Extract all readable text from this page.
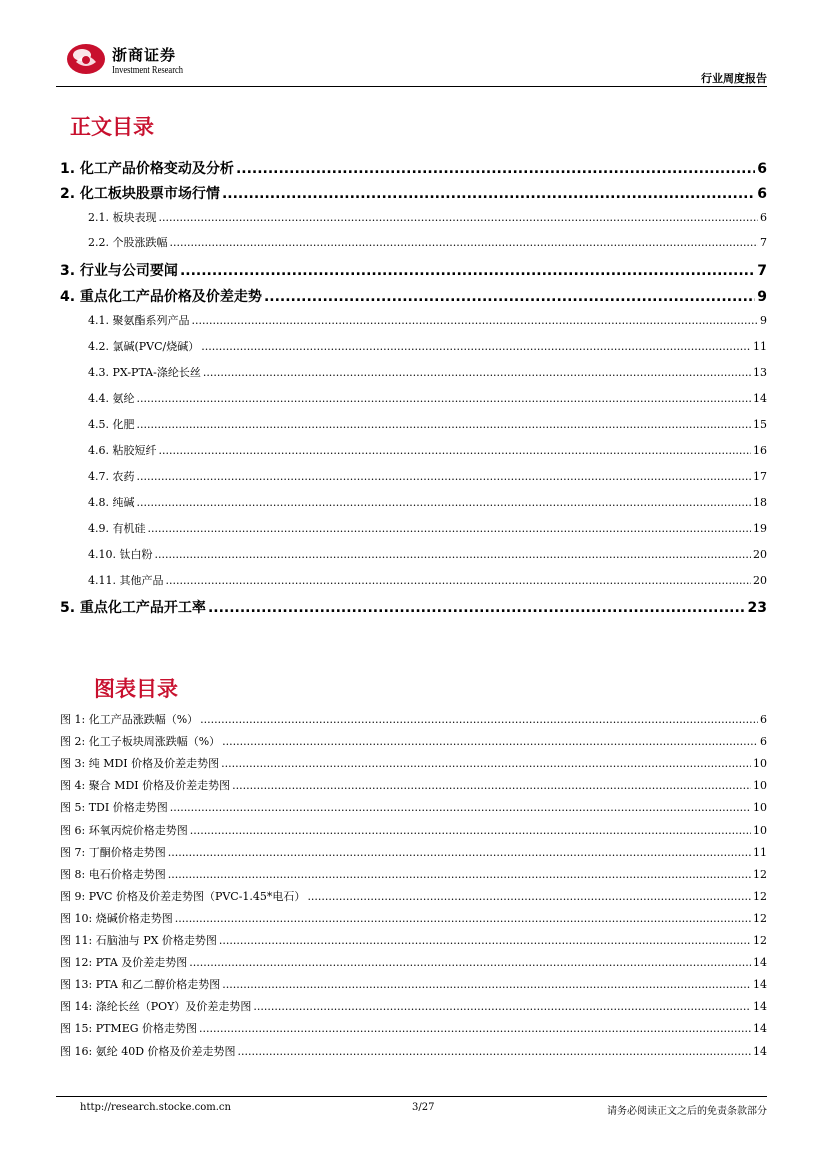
浙商证券
Investment Research
行业周度报告
正文目录
1. 化工产品价格变动及分析 .....	6
2. 化工板块股票市场行情 .....	6
2.1. 板块表现 .....	6
2.2. 个股涨跌幅 .....	7
3. 行业与公司要闻 .....	7
4. 重点化工产品价格及价差走势 .....	9
4.1. 聚氨酯系列产品 .....	9
4.2. 氯碱(PVC/烧碱） .....	11
4.3. PX-PTA-涤纶长丝 .....	13
4.4. 氨纶 .....	14
4.5. 化肥 .....	15
4.6. 粘胶短纤 .....	16
4.7. 农药 .....	17
4.8. 纯碱 .....	18
4.9. 有机硅 .....	19
4.10. 钛白粉 .....	20
4.11. 其他产品 .....	20
5. 重点化工产品开工率 .....	23
图表目录
图 1: 化工产品涨跌幅（%） .....	6
图 2: 化工子板块周涨跌幅（%） .....	6
图 3: 纯 MDI 价格及价差走势图 .....	10
图 4: 聚合 MDI 价格及价差走势图 .....	10
图 5: TDI 价格走势图 .....	10
图 6: 环氧丙烷价格走势图 .....	10
图 7: 丁酮价格走势图 .....	11
图 8: 电石价格走势图 .....	12
图 9: PVC 价格及价差走势图（PVC-1.45*电石） .....	12
图 10: 烧碱价格走势图 .....	12
图 11: 石脑油与 PX 价格走势图 .....	12
图 12: PTA 及价差走势图 .....	14
图 13: PTA 和乙二醇价格走势图 .....	14
图 14: 涤纶长丝（POY）及价差走势图 .....	14
图 15: PTMEG 价格走势图 .....	14
图 16: 氨纶 40D 价格及价差走势图 .....	14
http://research.stocke.com.cn	3/27	请务必阅读正文之后的免责条款部分
